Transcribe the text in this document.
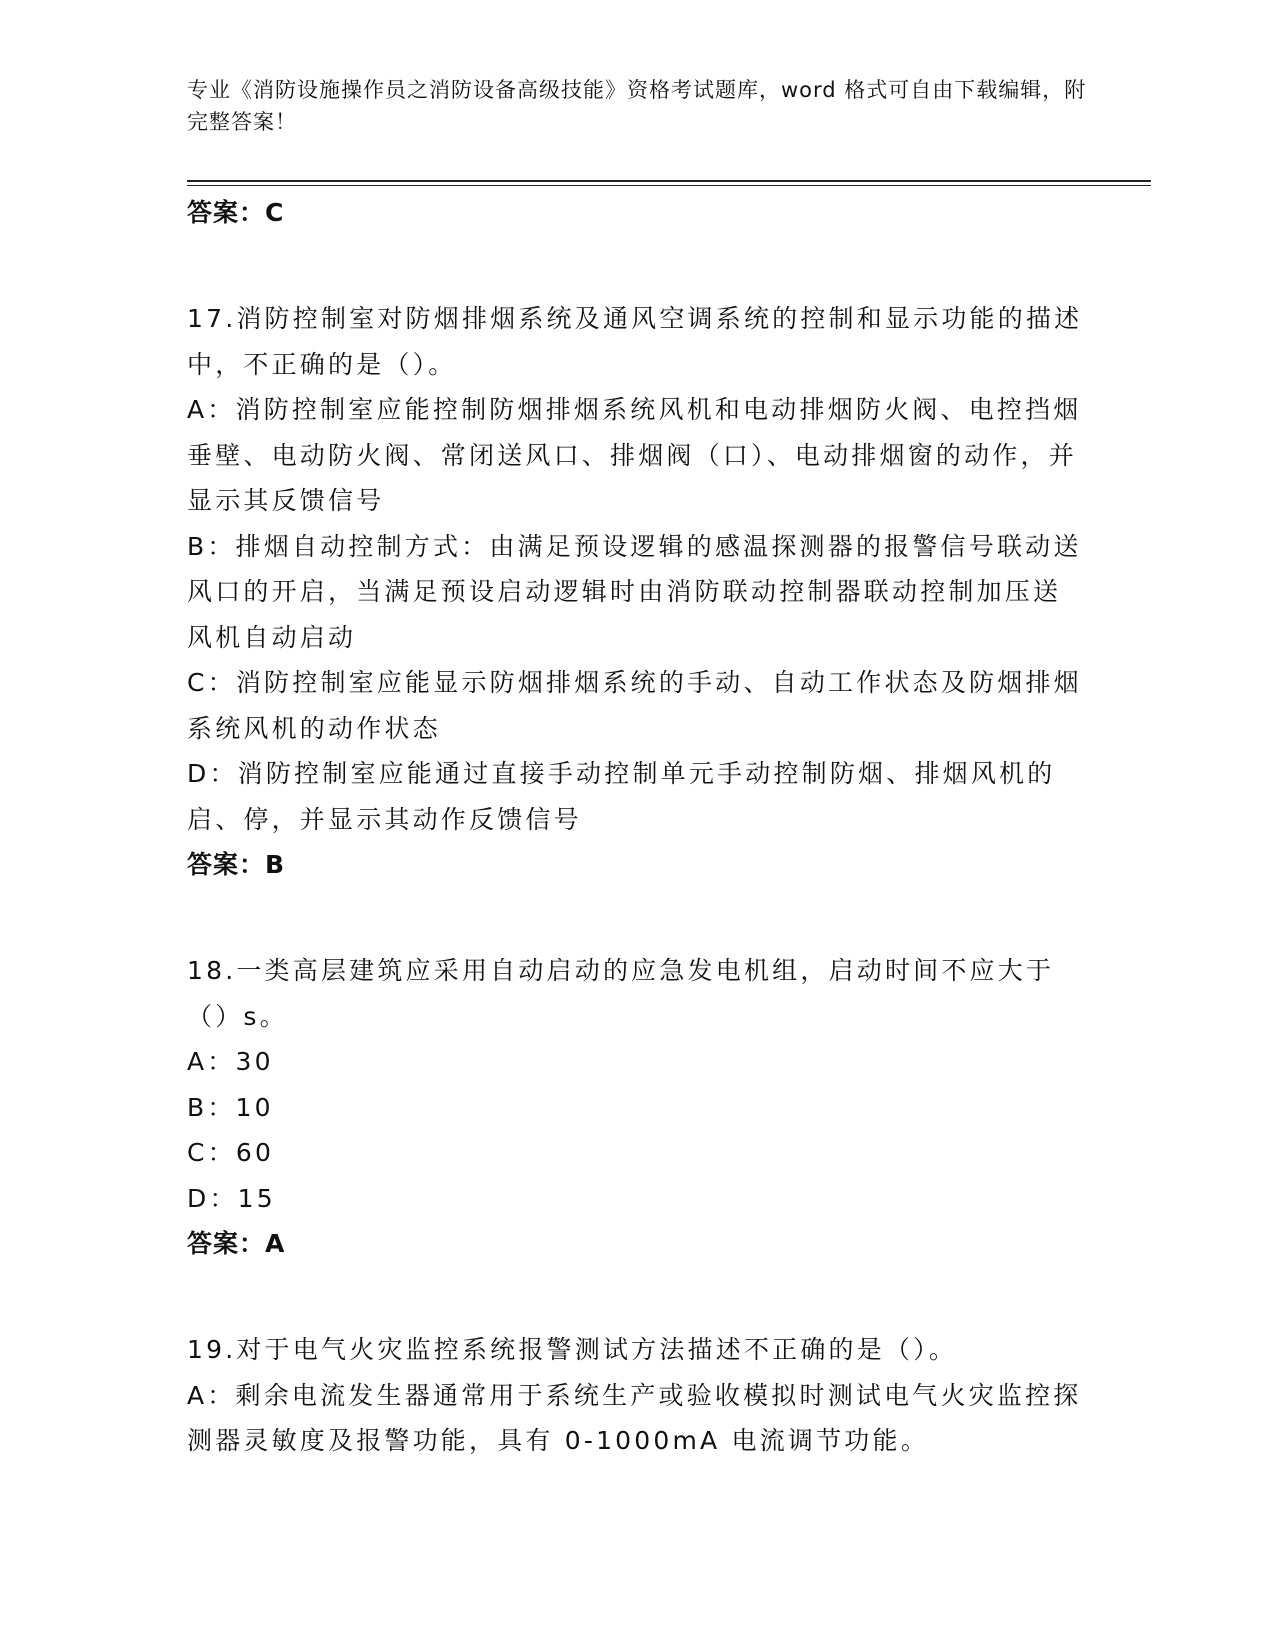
专业《消防设施操作员之消防设备高级技能》资格考试题库，word 格式可自由下载编辑，附完整答案！
答案：C

17.消防控制室对防烟排烟系统及通风空调系统的控制和显示功能的描述中，不正确的是（）。

A：消防控制室应能控制防烟排烟系统风机和电动排烟防火阀、电控挡烟垂壁、电动防火阀、常闭送风口、排烟阀（口）、电动排烟窗的动作，并显示其反馈信号

B：排烟自动控制方式：由满足预设逻辑的感温探测器的报警信号联动送风口的开启，当满足预设启动逻辑时由消防联动控制器联动控制加压送风机自动启动

C：消防控制室应能显示防烟排烟系统的手动、自动工作状态及防烟排烟系统风机的动作状态

D：消防控制室应能通过直接手动控制单元手动控制防烟、排烟风机的启、停，并显示其动作反馈信号

答案：B

18.一类高层建筑应采用自动启动的应急发电机组，启动时间不应大于（）s。

A：30

B：10

C：60

D：15

答案：A

19.对于电气火灾监控系统报警测试方法描述不正确的是（）。

A：剩余电流发生器通常用于系统生产或验收模拟时测试电气火灾监控探测器灵敏度及报警功能，具有 0-1000mA 电流调节功能。
